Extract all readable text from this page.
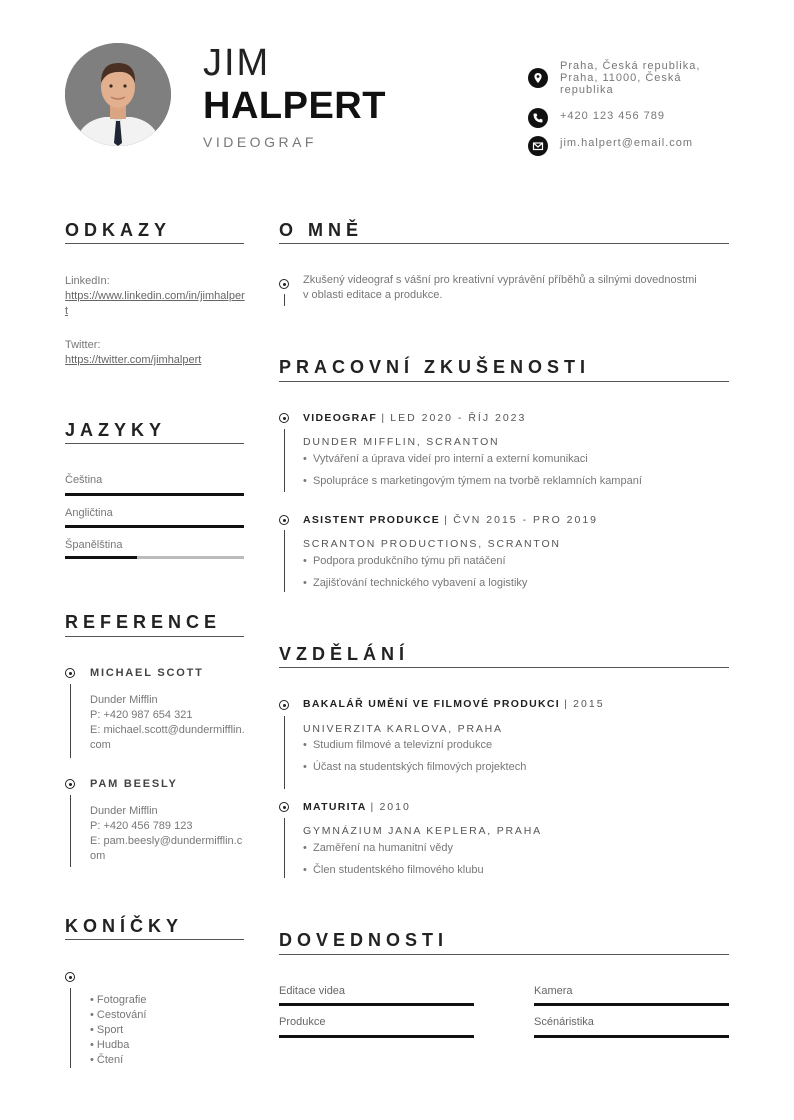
JIM
HALPERT
VIDEOGRAF
Praha, Česká republika, Praha, 11000, Česká republika
+420 123 456 789
jim.halpert@email.com
ODKAZY
LinkedIn:
https://www.linkedin.com/in/jimhalpert
Twitter:
https://twitter.com/jimhalpert
JAZYKY
Čeština
Angličtina
Španělština
REFERENCE
MICHAEL SCOTT
Dunder Mifflin
P: +420 987 654 321
E: michael.scott@dundermifflin.com
PAM BEESLY
Dunder Mifflin
P: +420 456 789 123
E: pam.beesly@dundermifflin.com
KONÍČKY
• Fotografie
• Cestování
• Sport
• Hudba
• Čtení
O MNĚ
Zkušený videograf s vášní pro kreativní vyprávění příběhů a silnými dovednostmi v oblasti editace a produkce.
PRACOVNÍ ZKUŠENOSTI
VIDEOGRAF | LED 2020 - ŘÍJ 2023
DUNDER MIFFLIN, SCRANTON
•  Vytváření a úprava videí pro interní a externí komunikaci
•  Spolupráce s marketingovým týmem na tvorbě reklamních kampaní
ASISTENT PRODUKCE | ČVN 2015 - PRO 2019
SCRANTON PRODUCTIONS, SCRANTON
•  Podpora produkčního týmu při natáčení
•  Zajišťování technického vybavení a logistiky
VZDĚLÁNÍ
BAKALÁŘ UMĚNÍ VE FILMOVÉ PRODUKCI | 2015
UNIVERZITA KARLOVA, PRAHA
•  Studium filmové a televizní produkce
•  Účast na studentských filmových projektech
MATURITA | 2010
GYMNÁZIUM JANA KEPLERA, PRAHA
•  Zaměření na humanitní vědy
•  Člen studentského filmového klubu
DOVEDNOSTI
Editace videa	Kamera
Produkce	Scénáristika
